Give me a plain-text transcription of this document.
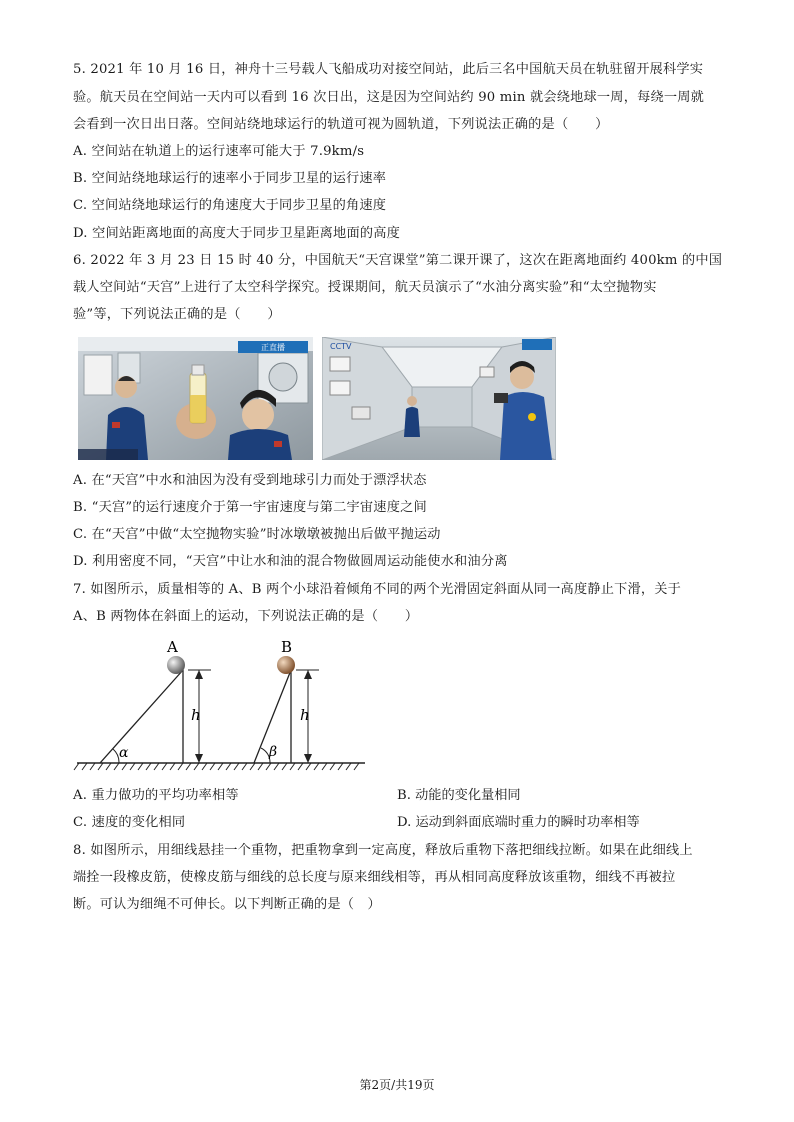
5. 2021 年 10 月 16 日，神舟十三号载人飞船成功对接空间站，此后三名中国航天员在轨驻留开展科学实
验。航天员在空间站一天内可以看到 16 次日出，这是因为空间站约 90 min 就会绕地球一周，每绕一周就
会看到一次日出日落。空间站绕地球运行的轨道可视为圆轨道，下列说法正确的是（　　）
A. 空间站在轨道上的运行速率可能大于 7.9km/s
B. 空间站绕地球运行的速率小于同步卫星的运行速率
C. 空间站绕地球运行的角速度大于同步卫星的角速度
D. 空间站距离地面的高度大于同步卫星距离地面的高度
6. 2022 年 3 月 23 日 15 时 40 分，中国航天“天宫课堂”第二课开课了，这次在距离地面约 400km 的中国
载人空间站“天宫”上进行了太空科学探究。授课期间，航天员演示了“水油分离实验”和“太空抛物实
验”等，下列说法正确的是（　　）
正直播	CCTV
A. 在“天宫”中水和油因为没有受到地球引力而处于漂浮状态
B. “天宫”的运行速度介于第一宇宙速度与第二宇宙速度之间
C. 在“天宫”中做“太空抛物实验”时冰墩墩被抛出后做平抛运动
D. 利用密度不同，“天宫”中让水和油的混合物做圆周运动能使水和油分离
7. 如图所示，质量相等的 A、B 两个小球沿着倾角不同的两个光滑固定斜面从同一高度静止下滑，关于
A、B 两物体在斜面上的运动，下列说法正确的是（　　）
α
A
h
β
B
h
A. 重力做功的平均功率相等	B. 动能的变化量相同
C. 速度的变化相同	D. 运动到斜面底端时重力的瞬时功率相等
8. 如图所示，用细线悬挂一个重物，把重物拿到一定高度，释放后重物下落把细线拉断。如果在此细线上
端拴一段橡皮筋，使橡皮筋与细线的总长度与原来细线相等，再从相同高度释放该重物，细线不再被拉
断。可认为细绳不可伸长。以下判断正确的是（　）
第2页/共19页
